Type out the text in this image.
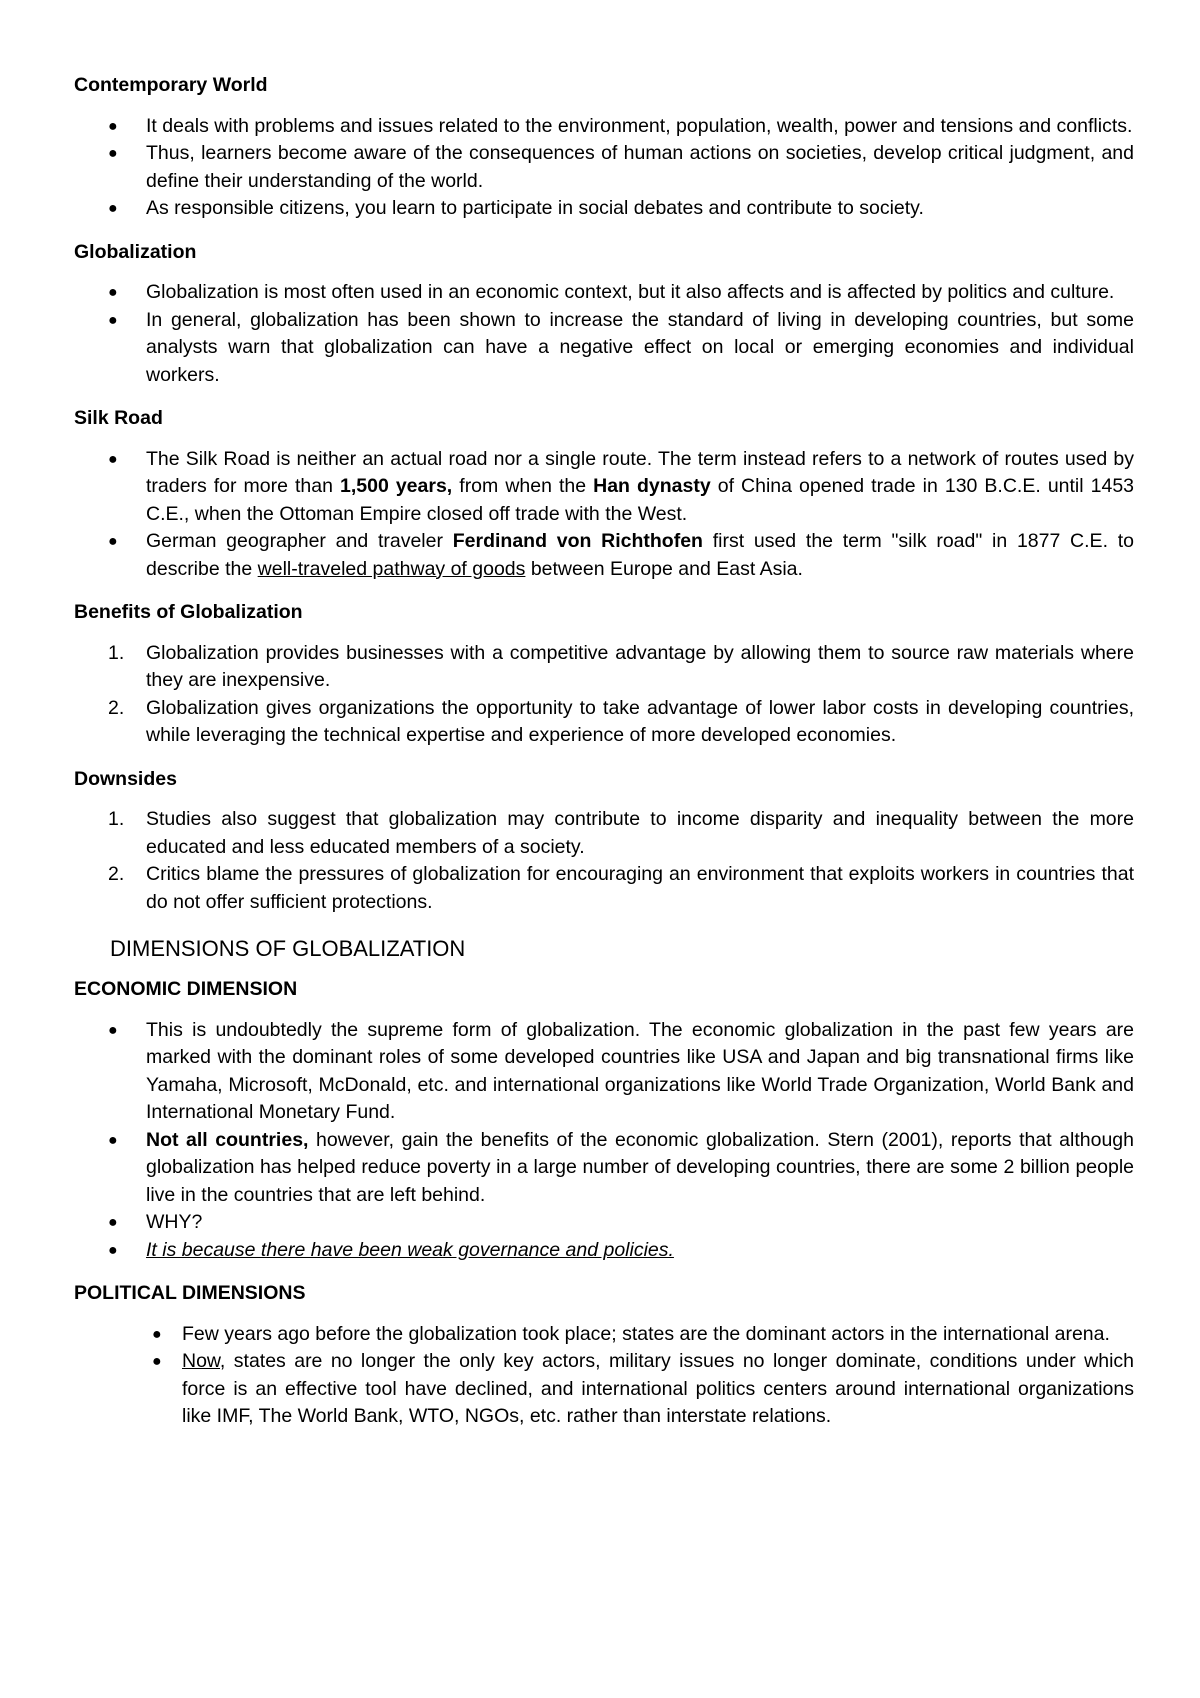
Contemporary World
● It deals with problems and issues related to the environment, population, wealth, power and tensions and conflicts.
● Thus, learners become aware of the consequences of human actions on societies, develop critical judgment, and define their understanding of the world.
● As responsible citizens, you learn to participate in social debates and contribute to society.
Globalization
● Globalization is most often used in an economic context, but it also affects and is affected by politics and culture.
● In general, globalization has been shown to increase the standard of living in developing countries, but some analysts warn that globalization can have a negative effect on local or emerging economies and individual workers.
Silk Road
● The Silk Road is neither an actual road nor a single route. The term instead refers to a network of routes used by traders for more than 1,500 years, from when the Han dynasty of China opened trade in 130 B.C.E. until 1453 C.E., when the Ottoman Empire closed off trade with the West.
● German geographer and traveler Ferdinand von Richthofen first used the term "silk road" in 1877 C.E. to describe the well-traveled pathway of goods between Europe and East Asia.
Benefits of Globalization
1. Globalization provides businesses with a competitive advantage by allowing them to source raw materials where they are inexpensive.
2. Globalization gives organizations the opportunity to take advantage of lower labor costs in developing countries, while leveraging the technical expertise and experience of more developed economies.
Downsides
1. Studies also suggest that globalization may contribute to income disparity and inequality between the more educated and less educated members of a society.
2. Critics blame the pressures of globalization for encouraging an environment that exploits workers in countries that do not offer sufficient protections.
DIMENSIONS OF GLOBALIZATION
ECONOMIC DIMENSION
● This is undoubtedly the supreme form of globalization. The economic globalization in the past few years are marked with the dominant roles of some developed countries like USA and Japan and big transnational firms like Yamaha, Microsoft, McDonald, etc. and international organizations like World Trade Organization, World Bank and International Monetary Fund.
● Not all countries, however, gain the benefits of the economic globalization. Stern (2001), reports that although globalization has helped reduce poverty in a large number of developing countries, there are some 2 billion people live in the countries that are left behind.
● WHY?
● It is because there have been weak governance and policies.
POLITICAL DIMENSIONS
● Few years ago before the globalization took place; states are the dominant actors in the international arena.
● Now, states are no longer the only key actors, military issues no longer dominate, conditions under which force is an effective tool have declined, and international politics centers around international organizations like IMF, The World Bank, WTO, NGOs, etc. rather than interstate relations.
